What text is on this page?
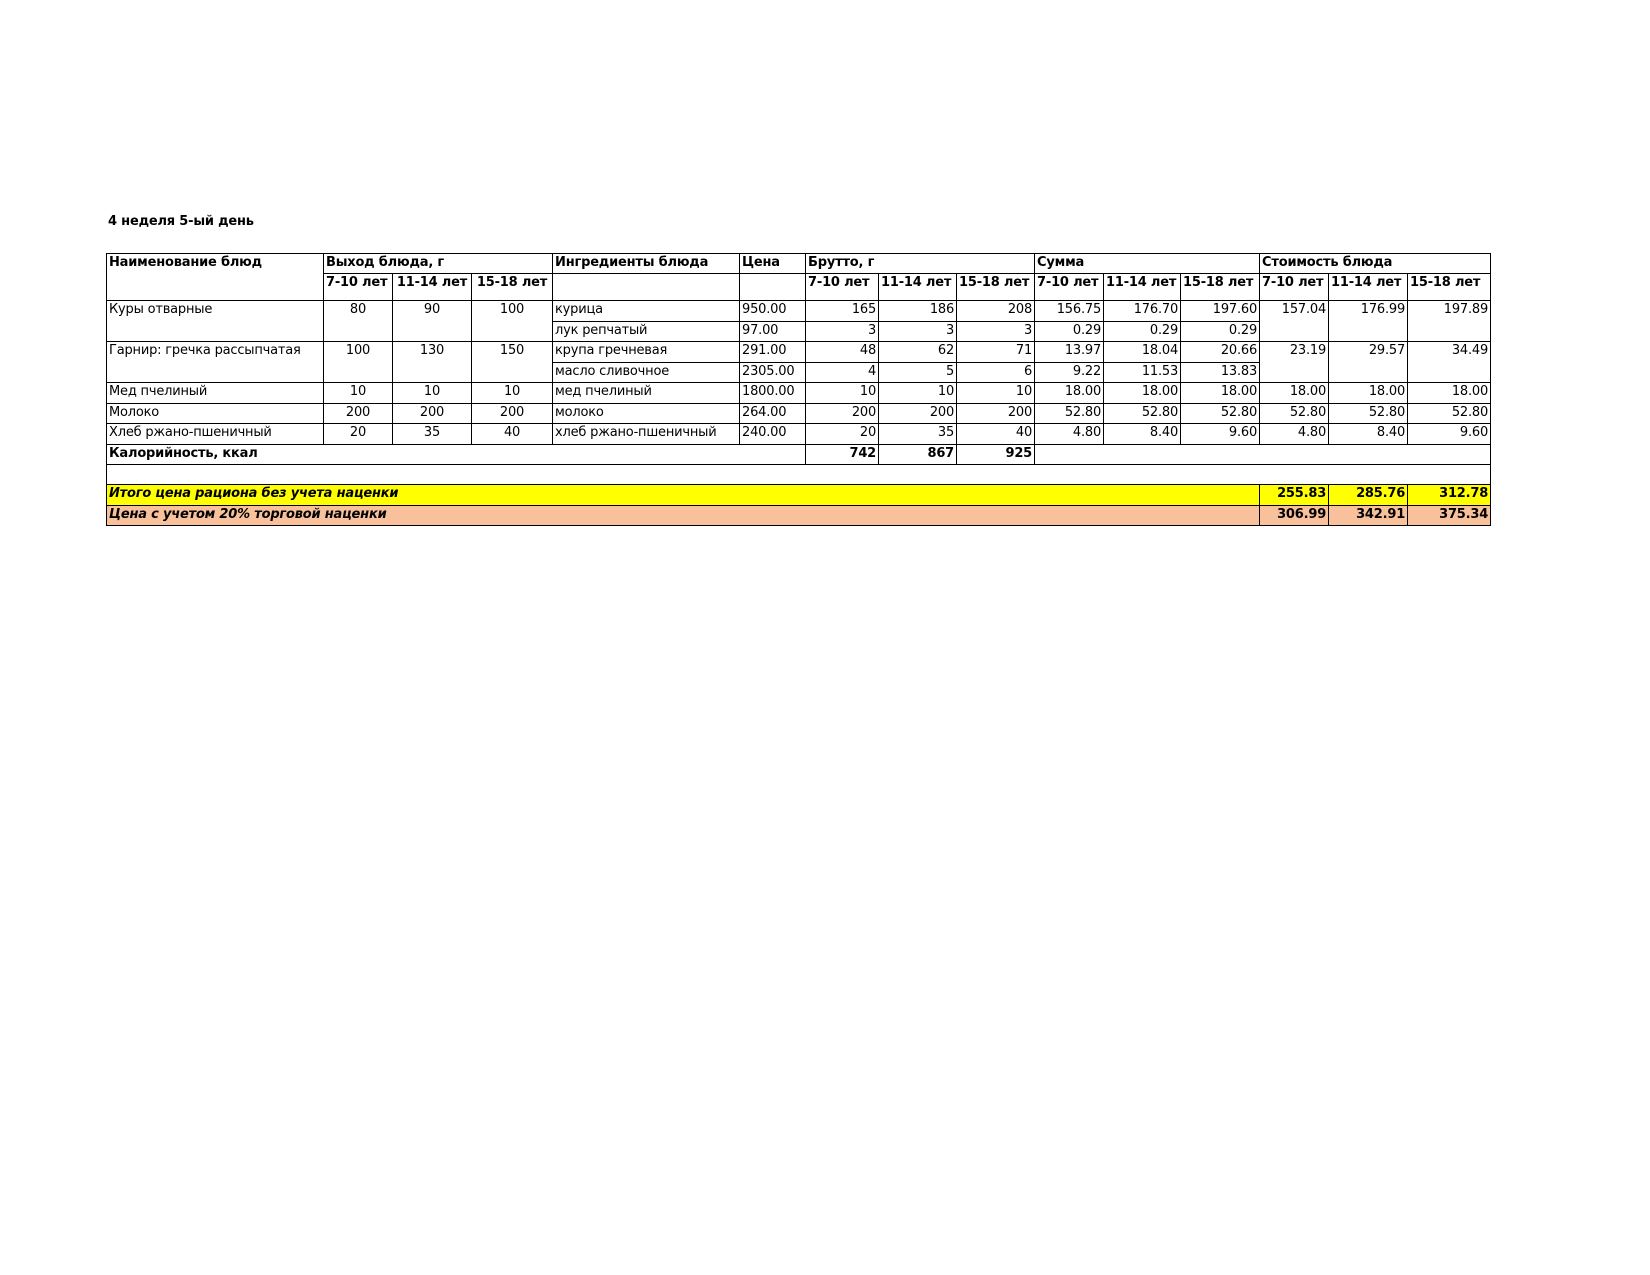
4 неделя 5-ый день
Наименование блюд	Выход блюда, г			Ингредиенты блюда	Цена	Брутто, г			Сумма			Стоимость блюда		
	7-10 лет	11-14 лет	15-18 лет			7-10 лет	11-14 лет	15-18 лет	7-10 лет	11-14 лет	15-18 лет	7-10 лет	11-14 лет	15-18 лет
Куры отварные	80	90	100	курица	950.00	165	186	208	156.75	176.70	197.60	157.04	176.99	197.89
				лук репчатый	97.00	3	3	3	0.29	0.29	0.29			
Гарнир: гречка рассыпчатая	100	130	150	крупа гречневая	291.00	48	62	71	13.97	18.04	20.66	23.19	29.57	34.49
				масло сливочное	2305.00	4	5	6	9.22	11.53	13.83			
Мед пчелиный	10	10	10	мед пчелиный	1800.00	10	10	10	18.00	18.00	18.00	18.00	18.00	18.00
Молоко	200	200	200	молоко	264.00	200	200	200	52.80	52.80	52.80	52.80	52.80	52.80
Хлеб ржано-пшеничный	20	35	40	хлеб ржано-пшеничный	240.00	20	35	40	4.80	8.40	9.60	4.80	8.40	9.60
Калорийность, ккал						742	867	925						

Итого цена рациона без учета наценки												255.83	285.76	312.78
Цена с учетом 20% торговой наценки												306.99	342.91	375.34
